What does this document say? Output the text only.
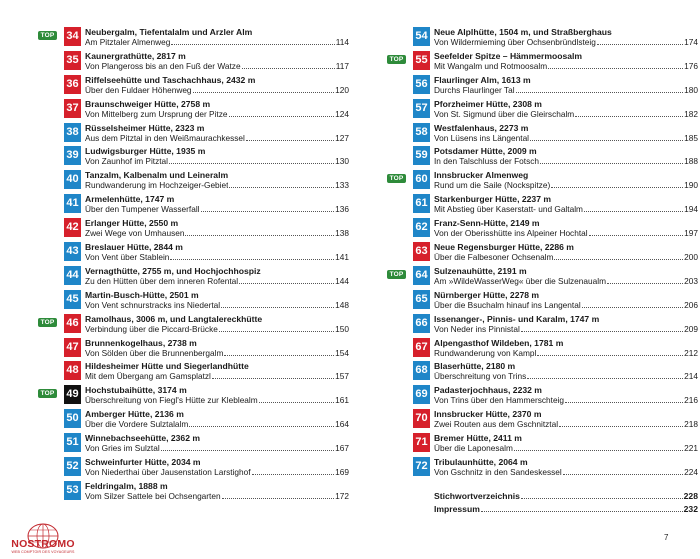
TOP 34 Neubergalm, Tiefentalalm und Arzler Alm
Am Pitztaler Almenweg	114
35 Kaunergrathütte, 2817 m
Von Plangeross bis an den Fuß der Watze	117
36 Riffelseehütte und Taschachhaus, 2432 m
Über den Fuldaer Höhenweg	120
37 Braunschweiger Hütte, 2758 m
Von Mittelberg zum Ursprung der Pitze	124
38 Rüsselsheimer Hütte, 2323 m
Aus dem Pitztal in den Weißmaurachkessel	127
39 Ludwigsburger Hütte, 1935 m
Von Zaunhof im Pitztal	130
40 Tanzalm, Kalbenalm und Leineralm
Rundwanderung im Hochzeiger-Gebiet	133
41 Armelenhütte, 1747 m
Über den Tumpener Wasserfall	136
42 Erlanger Hütte, 2550 m
Zwei Wege von Umhausen	138
43 Breslauer Hütte, 2844 m
Von Vent über Stablein	141
44 Vernagthütte, 2755 m, und Hochjochhospiz
Zu den Hütten über dem inneren Rofental	144
45 Martin-Busch-Hütte, 2501 m
Von Vent schnurstracks ins Niedertal	148
TOP 46 Ramolhaus, 3006 m, und Langtalereckhütte
Verbindung über die Piccard-Brücke	150
47 Brunnenkogelhaus, 2738 m
Von Sölden über die Brunnenbergalm	154
48 Hildesheimer Hütte und Siegerlandhütte
Mit dem Übergang am Gamsplatzl	157
TOP 49 Hochstubaihütte, 3174 m
Überschreitung von Fiegl's Hütte zur Kleblealm	161
50 Amberger Hütte, 2136 m
Über die Vordere Sulztalalm	164
51 Winnebachseehütte, 2362 m
Von Gries im Sulztal	167
52 Schweinfurter Hütte, 2034 m
Von Niederthai über Jausenstation Larstighof	169
53 Feldringalm, 1888 m
Vom Silzer Sattele bei Ochsengarten	172
54 Neue Alplhütte, 1504 m, und Straßberghaus
Von Wildermieming über Ochsenbründlsteig	174
TOP 55 Seefelder Spitze – Hämmermoosalm
Mit Wangalm und Rotmoosalm	176
56 Flaurlinger Alm, 1613 m
Durchs Flaurlinger Tal	180
57 Pforzheimer Hütte, 2308 m
Von St. Sigmund über die Gleirschalm	182
58 Westfalenhaus, 2273 m
Von Lüsens ins Längental	185
59 Potsdamer Hütte, 2009 m
In den Talschluss der Fotsch	188
TOP 60 Innsbrucker Almenweg
Rund um die Saile (Nockspitze)	190
61 Starkenburger Hütte, 2237 m
Mit Abstieg über Kaserstatt- und Galtalm	194
62 Franz-Senn-Hütte, 2149 m
Von der Oberisshütte ins Alpeiner Hochtal	197
63 Neue Regensburger Hütte, 2286 m
Über die Falbesoner Ochsenalm	200
TOP 64 Sulzenauhütte, 2191 m
Am »WildeWasserWeg« über die Sulzenaualm	203
65 Nürnberger Hütte, 2278 m
Über die Bsuchalm hinauf ins Langental	206
66 Issenanger-, Pinnis- und Karalm, 1747 m
Von Neder ins Pinnistal	209
67 Alpengasthof Wildeben, 1781 m
Rundwanderung von Kampl	212
68 Blaserhütte, 2180 m
Überschreitung von Trins	214
69 Padasterjochhaus, 2232 m
Von Trins über den Hammerschteig	216
70 Innsbrucker Hütte, 2370 m
Zwei Routen aus dem Gschnitztal	218
71 Bremer Hütte, 2411 m
Über die Laponesalm	221
72 Tribulaunhütte, 2064 m
Von Gschnitz in den Sandeskessel	224
Stichwortverzeichnis	228
Impressum	232
7
NOSTROMO
WEB COMPTOIR DES VOYAGEURS
